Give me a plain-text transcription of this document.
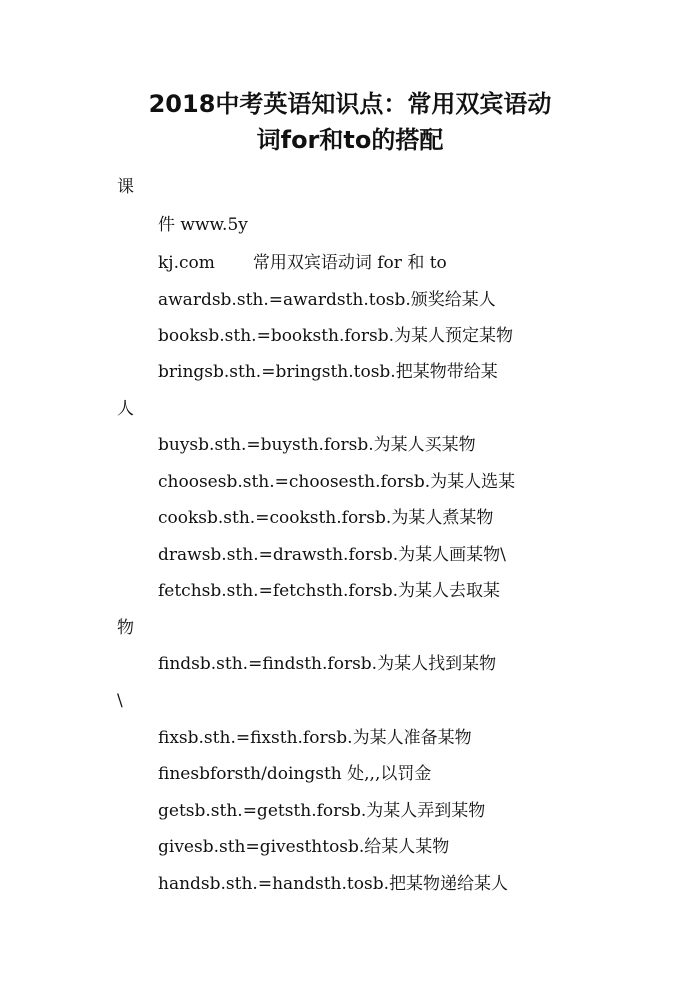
2018中考英语知识点：常用双宾语动
词for和to的搭配

课

件 www.5y

kj.com 常用双宾语动词 for 和 to

awardsb.sth.=awardsth.tosb.颁奖给某人

booksb.sth.=booksth.forsb.为某人预定某物

bringsb.sth.=bringsth.tosb.把某物带给某

人

buysb.sth.=buysth.forsb.为某人买某物

choosesb.sth.=choosesth.forsb.为某人选某

cooksb.sth.=cooksth.forsb.为某人煮某物

drawsb.sth.=drawsth.forsb.为某人画某物\

fetchsb.sth.=fetchsth.forsb.为某人去取某

物

findsb.sth.=findsth.forsb.为某人找到某物

\

fixsb.sth.=fixsth.forsb.为某人准备某物

finesbforsth/doingsth 处,,,以罚金

getsb.sth.=getsth.forsb.为某人弄到某物

givesb.sth=givesthtosb.给某人某物

handsb.sth.=handsth.tosb.把某物递给某人
